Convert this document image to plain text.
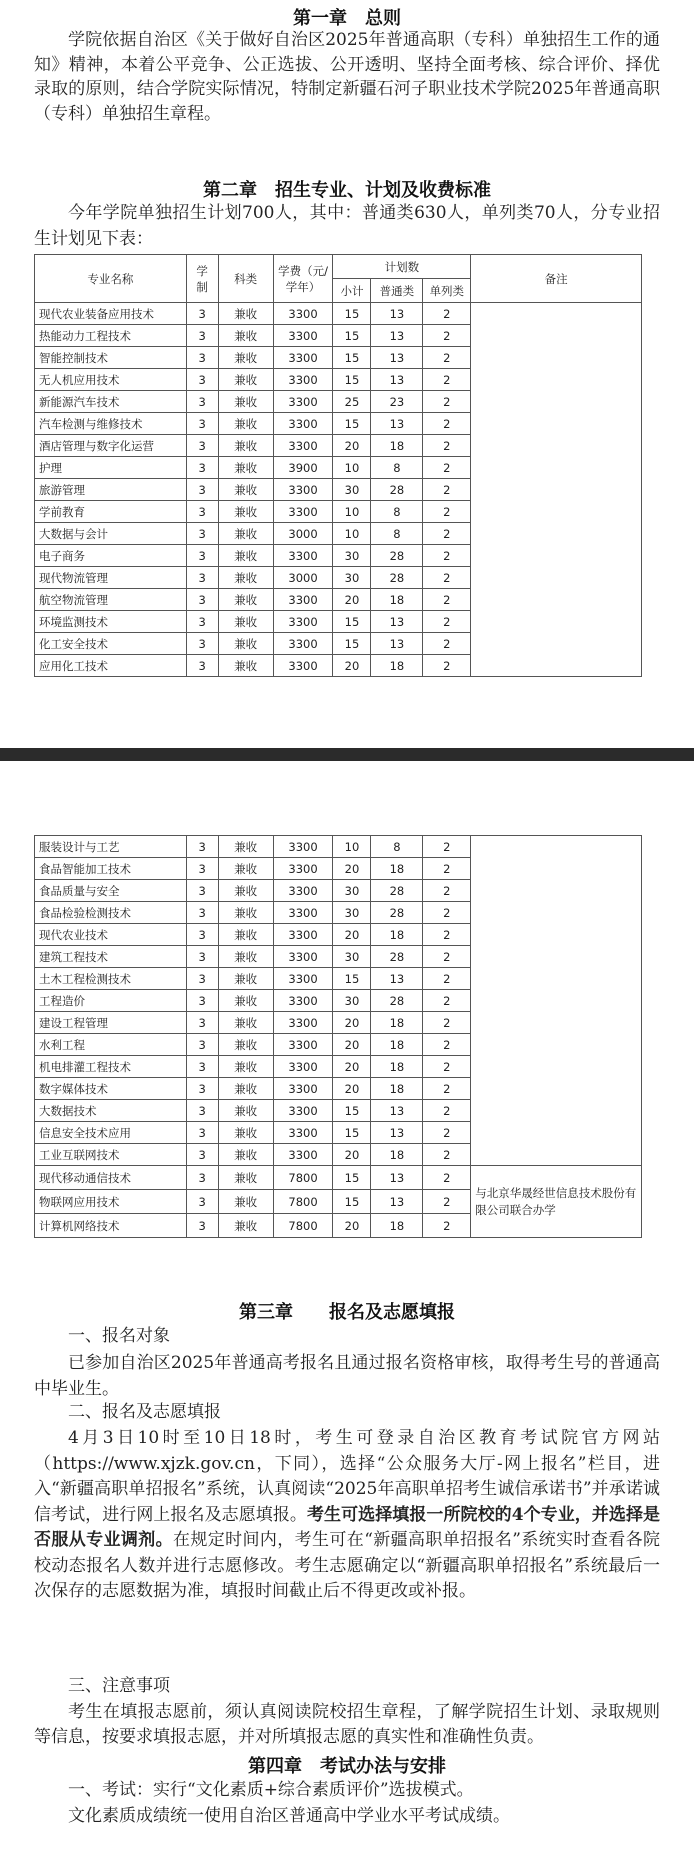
第一章　总则

学院依据自治区《关于做好自治区2025年普通高职（专科）单独招生工作的通知》精神，本着公平竞争、公正选拔、公开透明、坚持全面考核、综合评价、择优录取的原则，结合学院实际情况，特制定新疆石河子职业技术学院2025年普通高职（专科）单独招生章程。

第二章　招生专业、计划及收费标准

今年学院单独招生计划700人，其中：普通类630人，单列类70人，分专业招生计划见下表：

专业名称	学制	科类	学费（元/学年）	计划数			备注
				小计	普通类	单列类	
现代农业装备应用技术	3	兼收	3300	15	13	2	
热能动力工程技术	3	兼收	3300	15	13	2	
智能控制技术	3	兼收	3300	15	13	2	
无人机应用技术	3	兼收	3300	15	13	2	
新能源汽车技术	3	兼收	3300	25	23	2	
汽车检测与维修技术	3	兼收	3300	15	13	2	
酒店管理与数字化运营	3	兼收	3300	20	18	2	
护理	3	兼收	3900	10	8	2	
旅游管理	3	兼收	3300	30	28	2	
学前教育	3	兼收	3300	10	8	2	
大数据与会计	3	兼收	3000	10	8	2	
电子商务	3	兼收	3300	30	28	2	
现代物流管理	3	兼收	3000	30	28	2	
航空物流管理	3	兼收	3300	20	18	2	
环境监测技术	3	兼收	3300	15	13	2	
化工安全技术	3	兼收	3300	15	13	2	
应用化工技术	3	兼收	3300	20	18	2	
服装设计与工艺	3	兼收	3300	10	8	2	
食品智能加工技术	3	兼收	3300	20	18	2	
食品质量与安全	3	兼收	3300	30	28	2	
食品检验检测技术	3	兼收	3300	30	28	2	
现代农业技术	3	兼收	3300	20	18	2	
建筑工程技术	3	兼收	3300	30	28	2	
土木工程检测技术	3	兼收	3300	15	13	2	
工程造价	3	兼收	3300	30	28	2	
建设工程管理	3	兼收	3300	20	18	2	
水利工程	3	兼收	3300	20	18	2	
机电排灌工程技术	3	兼收	3300	20	18	2	
数字媒体技术	3	兼收	3300	20	18	2	
大数据技术	3	兼收	3300	15	13	2	
信息安全技术应用	3	兼收	3300	15	13	2	
工业互联网技术	3	兼收	3300	20	18	2	
现代移动通信技术	3	兼收	7800	15	13	2	与北京华晟经世信息技术股份有限公司联合办学
物联网应用技术	3	兼收	7800	15	13	2	
计算机网络技术	3	兼收	7800	20	18	2	
第三章　　报名及志愿填报
一、报名对象

已参加自治区2025年普通高考报名且通过报名资格审核，取得考生号的普通高中毕业生。

二、报名及志愿填报

4月3日10时至10日18时，考生可登录自治区教育考试院官方网站（https://www.xjzk.gov.cn，下同），选择“公众服务大厅-网上报名”栏目，进入“新疆高职单招报名”系统，认真阅读“2025年高职单招考生诚信承诺书”并承诺诚信考试，进行网上报名及志愿填报。考生可选择填报一所院校的4个专业，并选择是否服从专业调剂。在规定时间内，考生可在“新疆高职单招报名”系统实时查看各院校动态报名人数并进行志愿修改。考生志愿确定以“新疆高职单招报名”系统最后一次保存的志愿数据为准，填报时间截止后不得更改或补报。

三、注意事项

考生在填报志愿前，须认真阅读院校招生章程，了解学院招生计划、录取规则等信息，按要求填报志愿，并对所填报志愿的真实性和准确性负责。

第四章　考试办法与安排
一、考试：实行“文化素质+综合素质评价”选拔模式。
文化素质成绩统一使用自治区普通高中学业水平考试成绩。
